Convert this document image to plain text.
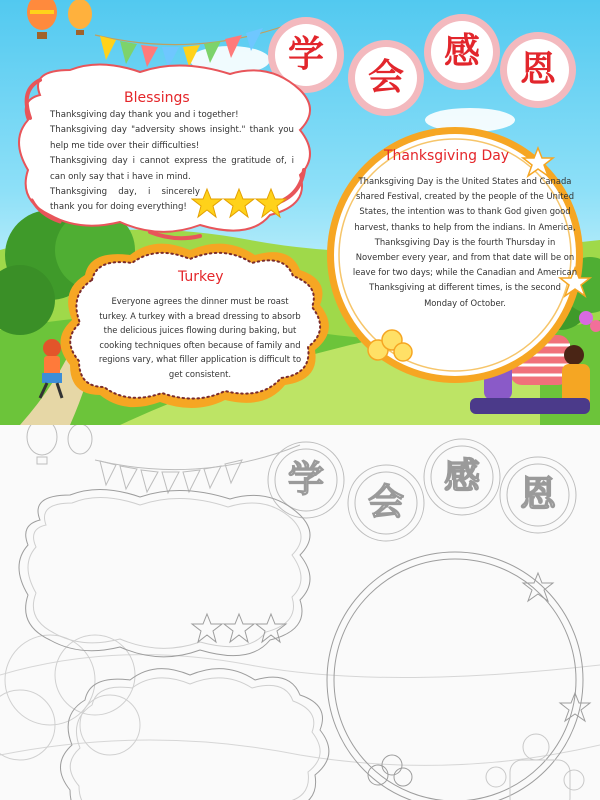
学
会
感	恩
Blessings
Thanksgiving day thank you and i together!
Thanksgiving day "adversity shows insight." thank you help me tide over their difficulties!
Thanksgiving day i cannot express the gratitude of, i can only say that i have in mind.
Thanksgiving day, i sincerely thank you for doing everything!
Thanksgiving Day
Thanksgiving Day is the United States and Canada shared Festival, created by the people of the United States, the intention was to thank God given good harvest, thanks to help from the indians. In America, Thanksgiving Day is the fourth Thursday in November every year, and from that date will be on leave for two days; while the Canadian and American Thanksgiving at different times, is the second Monday of October.
Turkey
Everyone agrees the dinner must be roast turkey. A turkey with a bread dressing to absorb the delicious juices flowing during baking, but cooking techniques often because of family and regions vary, what filler application is difficult to get consistent.
学
会
感	恩
